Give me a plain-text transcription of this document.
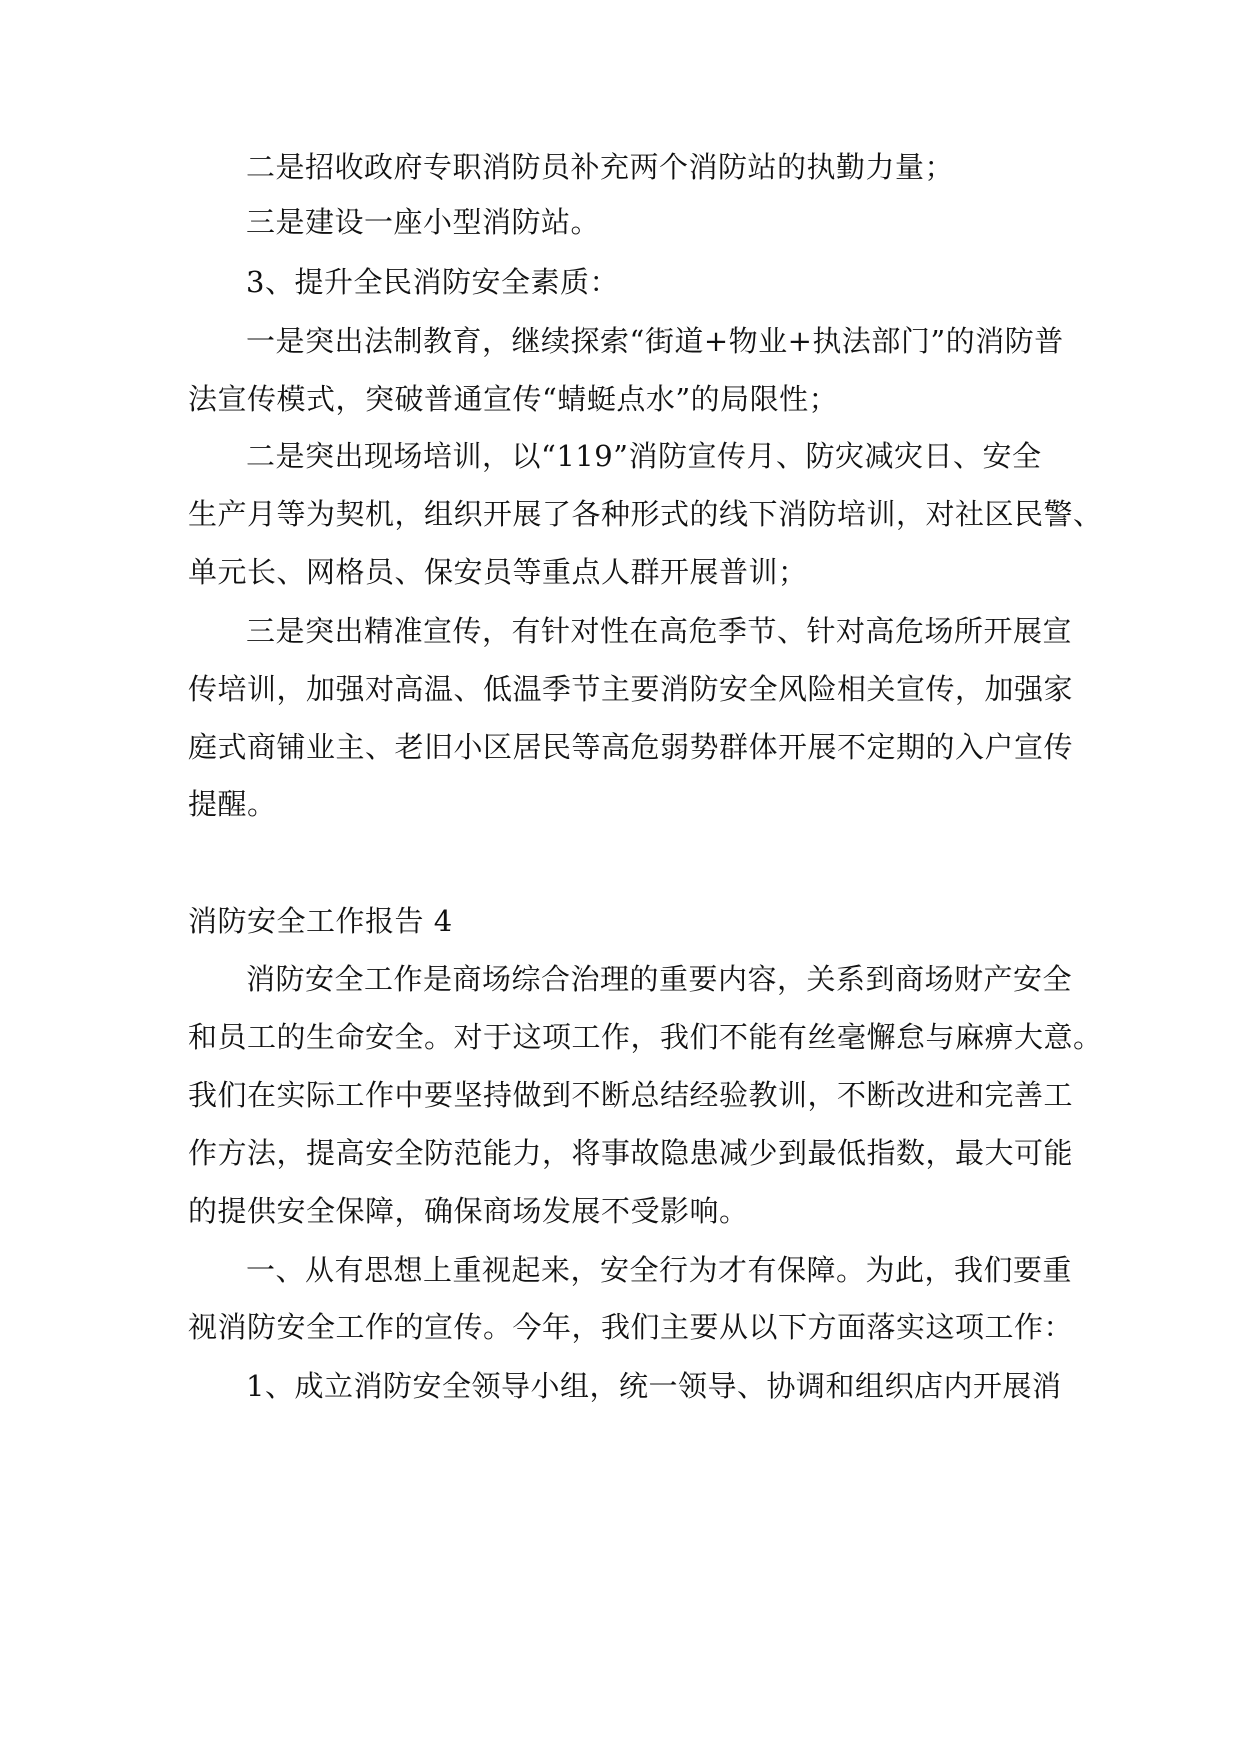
二是招收政府专职消防员补充两个消防站的执勤力量；
三是建设一座小型消防站。
3、提升全民消防安全素质：
一是突出法制教育，继续探索“街道+物业+执法部门”的消防普
法宣传模式，突破普通宣传“蜻蜓点水”的局限性；
二是突出现场培训，以“119”消防宣传月、防灾减灾日、安全
生产月等为契机，组织开展了各种形式的线下消防培训，对社区民警、
单元长、网格员、保安员等重点人群开展普训；
三是突出精准宣传，有针对性在高危季节、针对高危场所开展宣
传培训，加强对高温、低温季节主要消防安全风险相关宣传，加强家
庭式商铺业主、老旧小区居民等高危弱势群体开展不定期的入户宣传
提醒。
消防安全工作报告 4
消防安全工作是商场综合治理的重要内容，关系到商场财产安全
和员工的生命安全。对于这项工作，我们不能有丝毫懈怠与麻痹大意。
我们在实际工作中要坚持做到不断总结经验教训，不断改进和完善工
作方法，提高安全防范能力，将事故隐患减少到最低指数，最大可能
的提供安全保障，确保商场发展不受影响。
一、从有思想上重视起来，安全行为才有保障。为此，我们要重
视消防安全工作的宣传。今年，我们主要从以下方面落实这项工作：
1、成立消防安全领导小组，统一领导、协调和组织店内开展消
